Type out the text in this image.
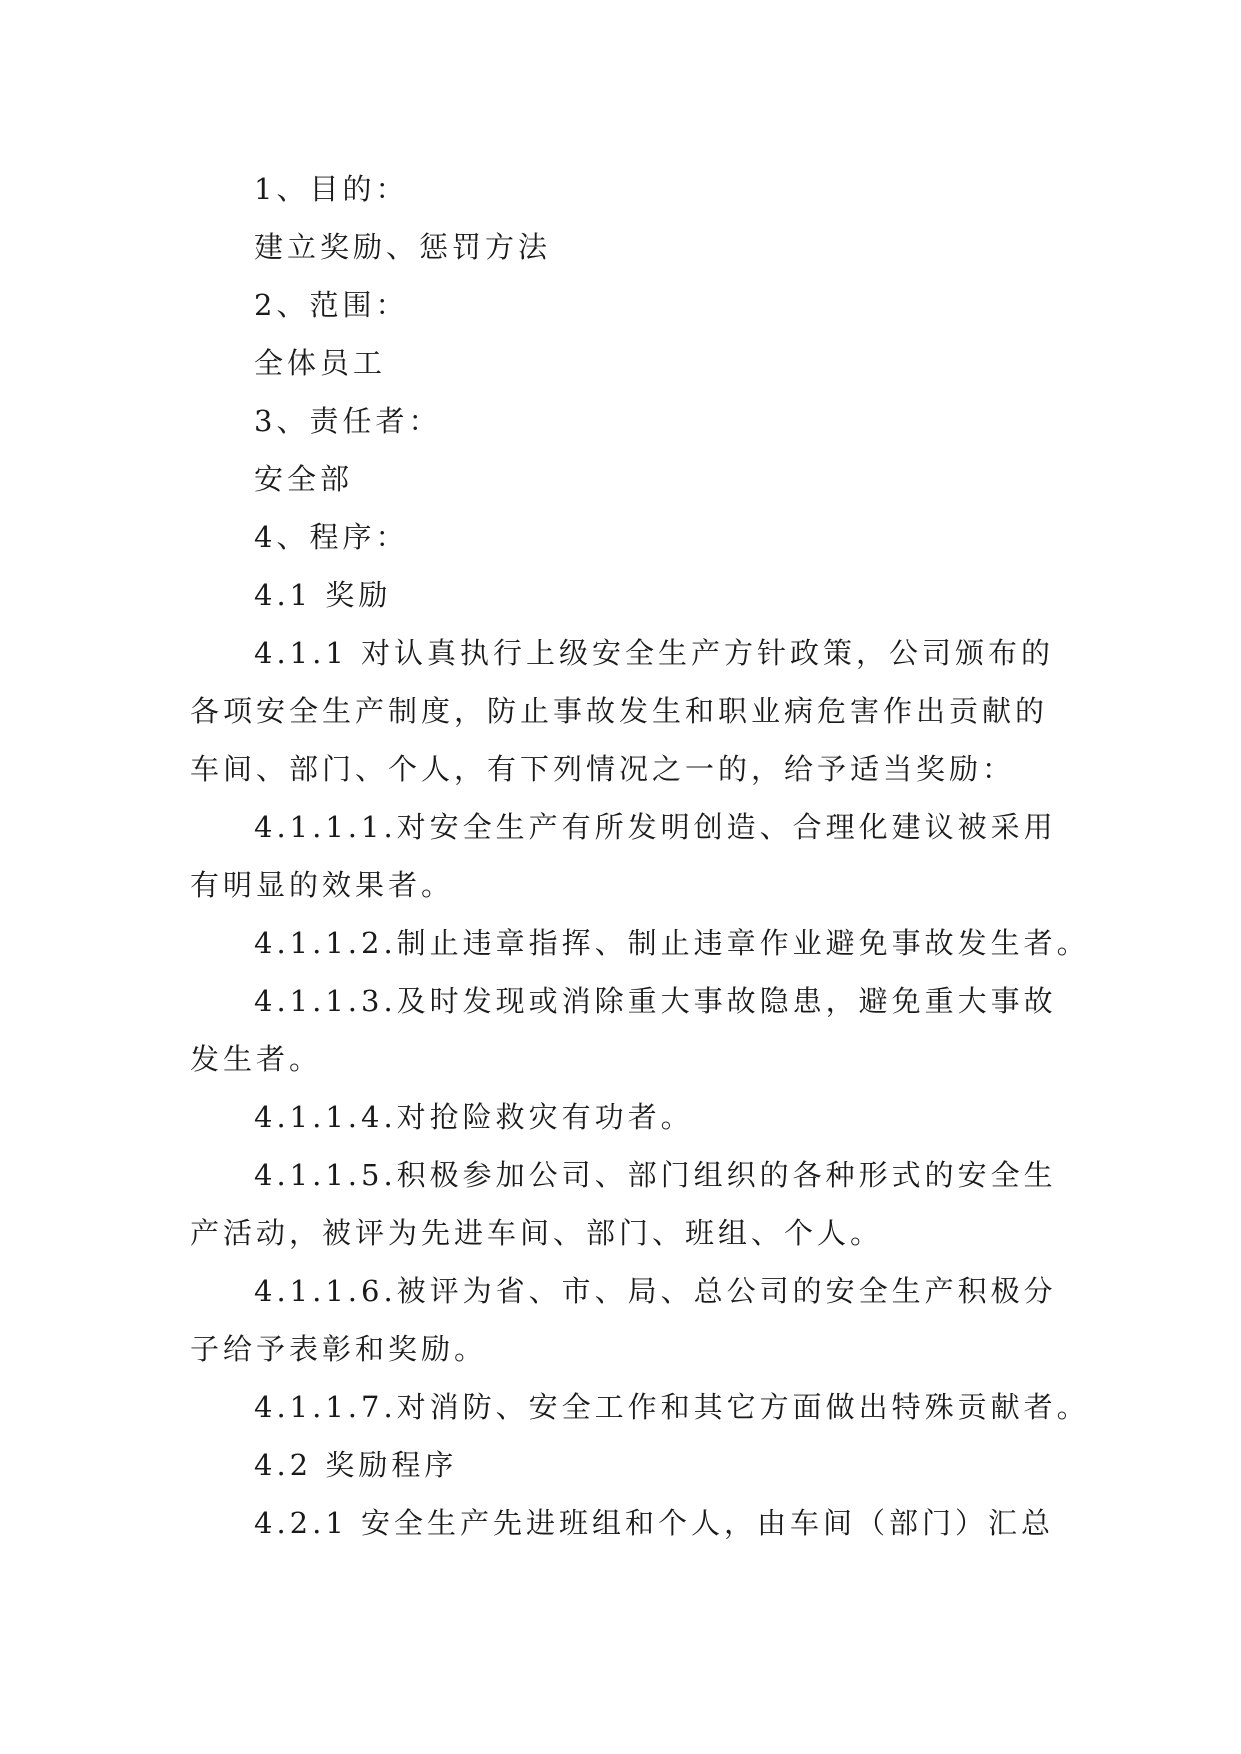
1、目的：
建立奖励、惩罚方法
2、范围：
全体员工
3、责任者：
安全部
4、程序：
4.1 奖励
4.1.1 对认真执行上级安全生产方针政策，公司颁布的
各项安全生产制度，防止事故发生和职业病危害作出贡献的
车间、部门、个人，有下列情况之一的，给予适当奖励：
4.1.1.1.对安全生产有所发明创造、合理化建议被采用
有明显的效果者。
4.1.1.2.制止违章指挥、制止违章作业避免事故发生者。
4.1.1.3.及时发现或消除重大事故隐患，避免重大事故
发生者。
4.1.1.4.对抢险救灾有功者。
4.1.1.5.积极参加公司、部门组织的各种形式的安全生
产活动，被评为先进车间、部门、班组、个人。
4.1.1.6.被评为省、市、局、总公司的安全生产积极分
子给予表彰和奖励。
4.1.1.7.对消防、安全工作和其它方面做出特殊贡献者。
4.2 奖励程序
4.2.1 安全生产先进班组和个人，由车间（部门）汇总
